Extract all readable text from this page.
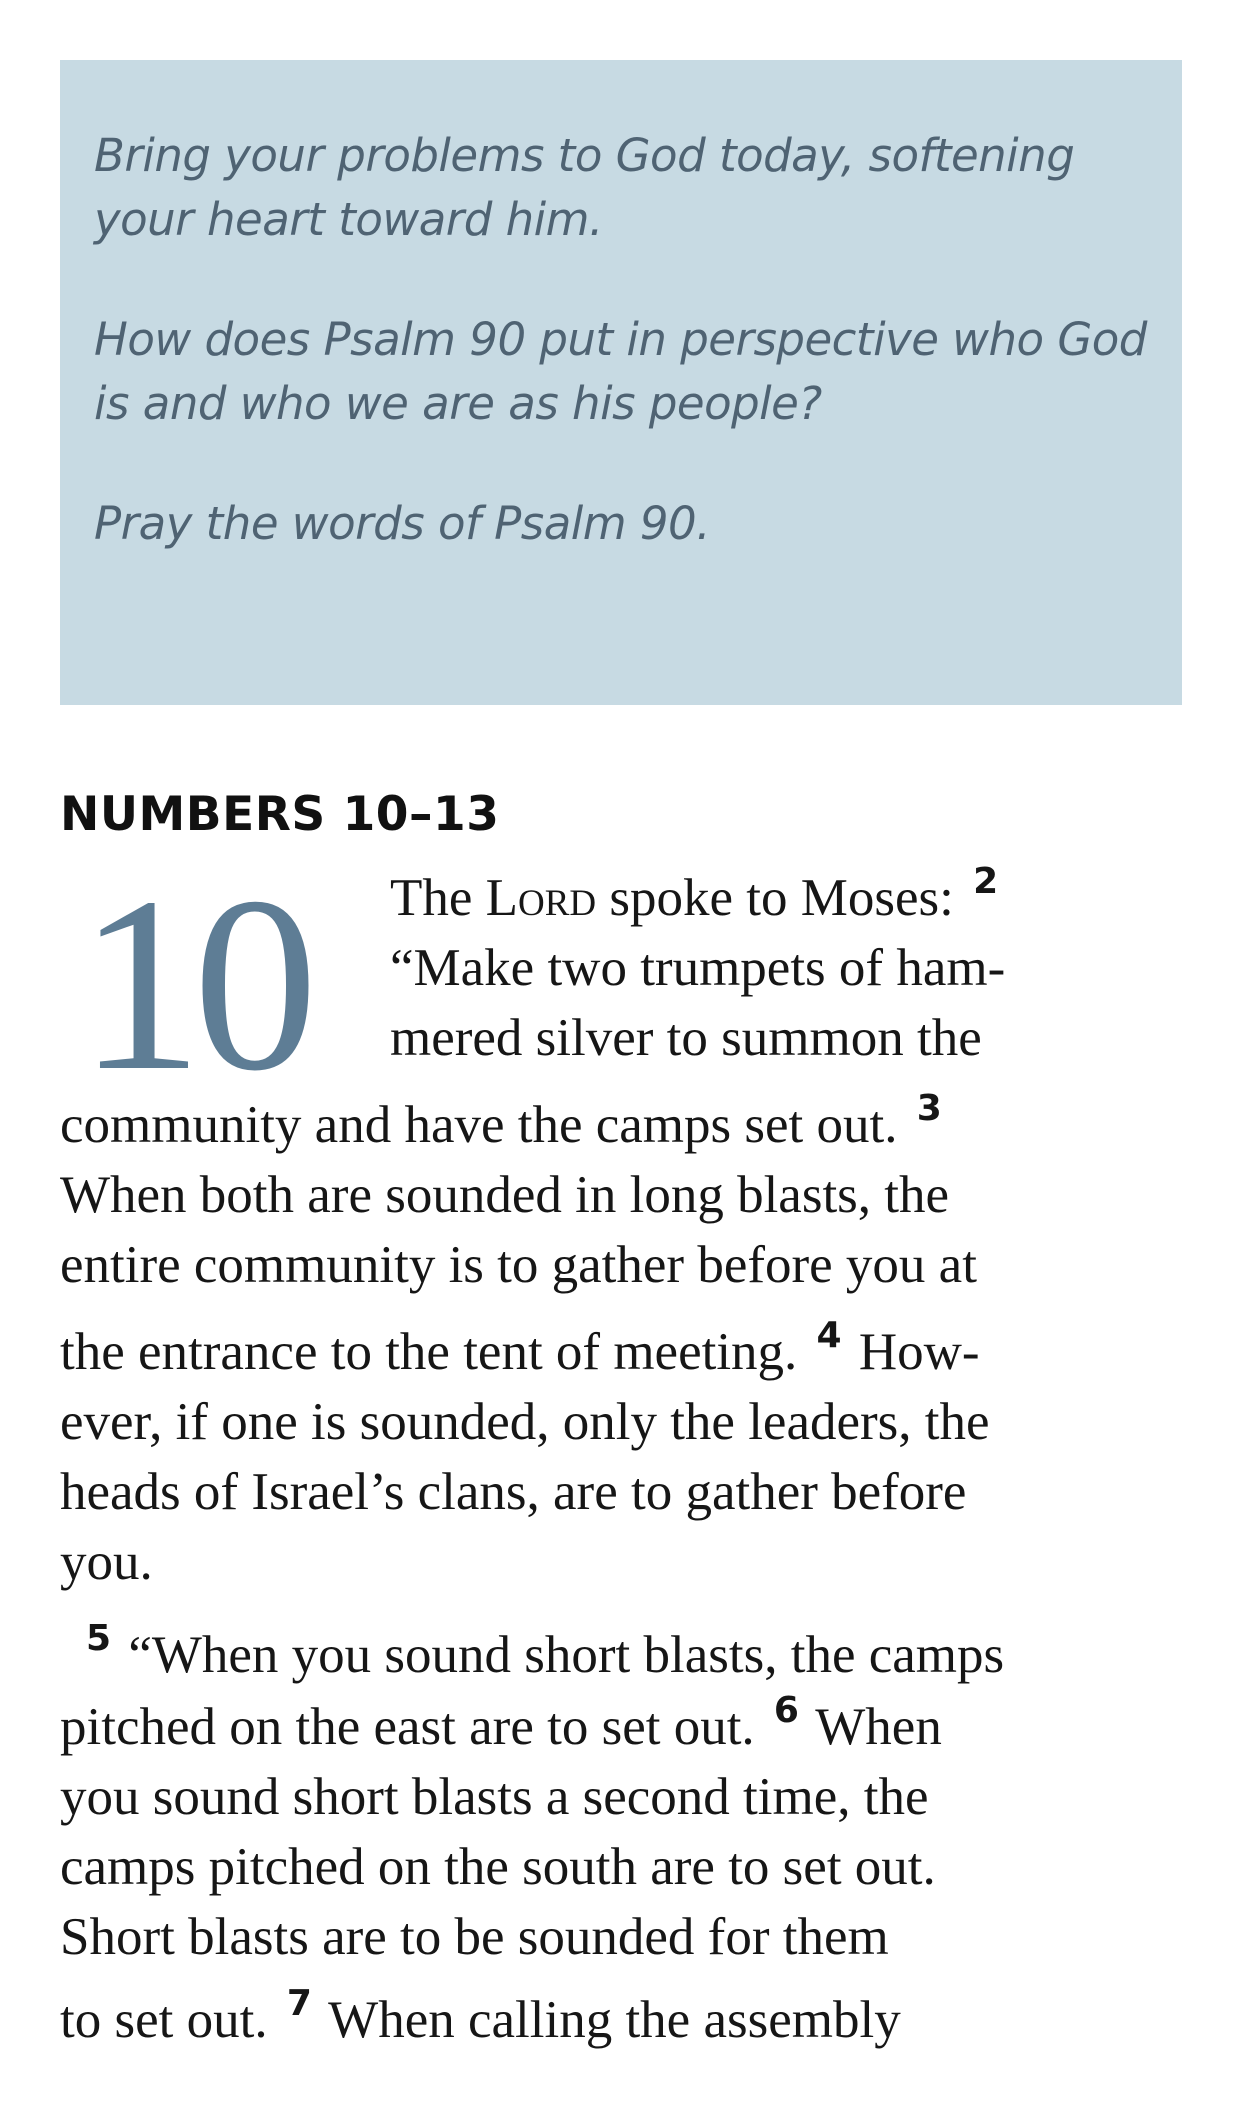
Bring your problems to God today, softening your heart toward him.

How does Psalm 90 put in perspective who God is and who we are as his people?

Pray the words of Psalm 90.

NUMBERS 10–13
10 The Lord spoke to Moses: $^2$
“Make two trumpets of ham-
mered silver to summon the
community and have the camps set out. $^3$
When both are sounded in long blasts, the
entire community is to gather before you at
the entrance to the tent of meeting. $^4$ How-
ever, if one is sounded, only the leaders, the
heads of Israel’s clans, are to gather before
you.
$^5$ “When you sound short blasts, the camps
pitched on the east are to set out. $^6$ When
you sound short blasts a second time, the
camps pitched on the south are to set out.
Short blasts are to be sounded for them
to set out. $^7$ When calling the assembly
